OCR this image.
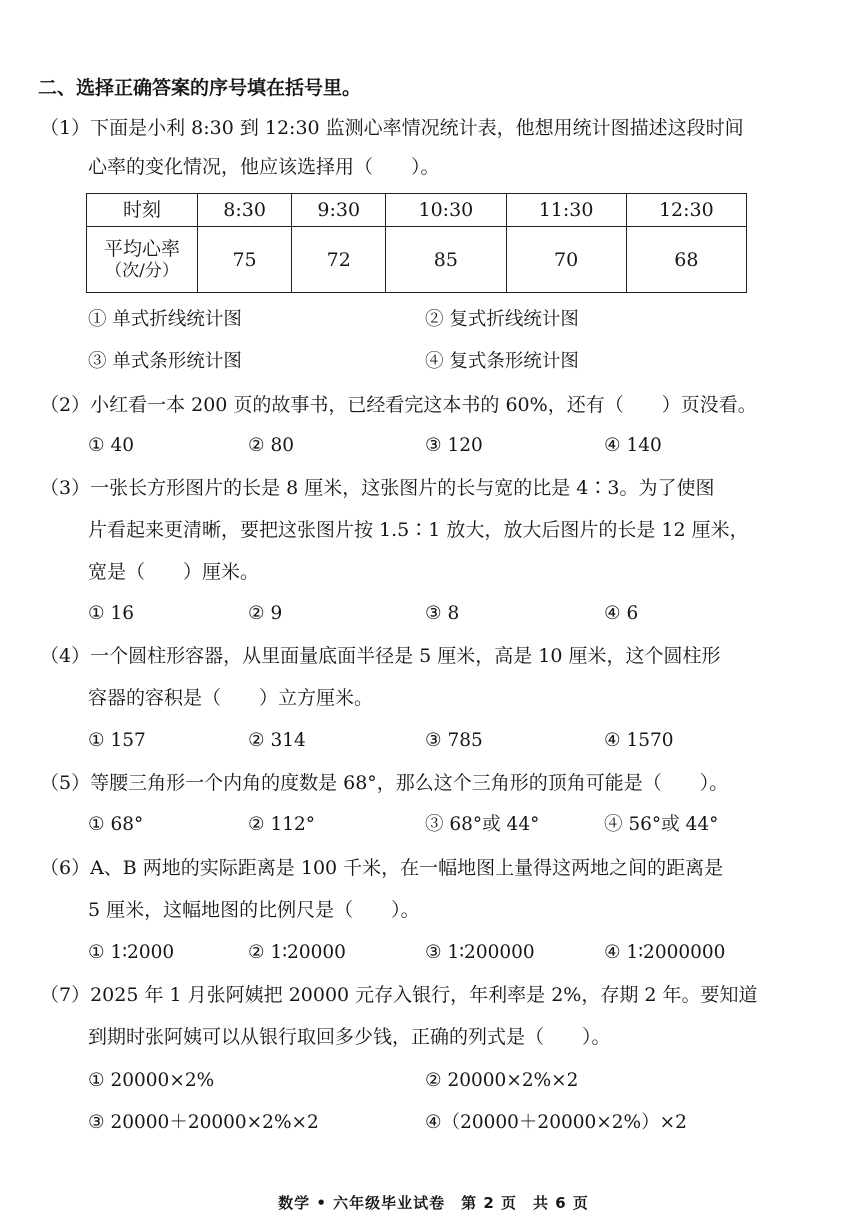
二、选择正确答案的序号填在括号里。
（1）下面是小利 8:30 到 12:30 监测心率情况统计表，他想用统计图描述这段时间
心率的变化情况，他应该选择用（　　）。
时刻	8:30	9:30	10:30	11:30	12:30

平均心率
（次/分）	75	72	85	70	68
① 单式折线统计图	② 复式折线统计图
③ 单式条形统计图	④ 复式条形统计图
（2）小红看一本 200 页的故事书，已经看完这本书的 60%，还有（　　）页没看。
① 40	② 80	③ 120	④ 140
（3）一张长方形图片的长是 8 厘米，这张图片的长与宽的比是 4∶3。为了使图
片看起来更清晰，要把这张图片按 1.5∶1 放大，放大后图片的长是 12 厘米，
宽是（　　）厘米。
① 16	② 9	③ 8	④ 6
（4）一个圆柱形容器，从里面量底面半径是 5 厘米，高是 10 厘米，这个圆柱形
容器的容积是（　　）立方厘米。
① 157	② 314	③ 785	④ 1570
（5）等腰三角形一个内角的度数是 68°，那么这个三角形的顶角可能是（　　）。
① 68°	② 112°	③ 68°或 44°	④ 56°或 44°
（6）A、B 两地的实际距离是 100 千米，在一幅地图上量得这两地之间的距离是
5 厘米，这幅地图的比例尺是（　　）。
① 1∶2000	② 1∶20000	③ 1∶200000	④ 1∶2000000
（7）2025 年 1 月张阿姨把 20000 元存入银行，年利率是 2%，存期 2 年。要知道
到期时张阿姨可以从银行取回多少钱，正确的列式是（　　）。
① 20000×2%	② 20000×2%×2
③ 20000＋20000×2%×2	④（20000＋20000×2%）×2
数学 • 六年级毕业试卷　第 2 页　共 6 页
